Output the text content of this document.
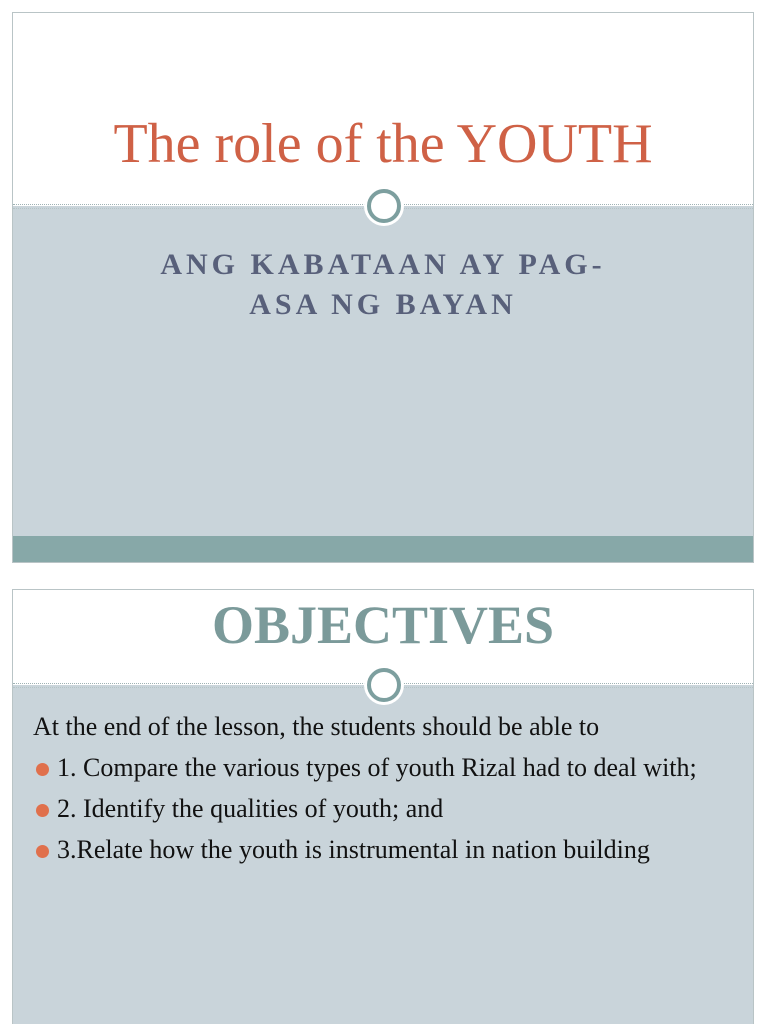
The role of the YOUTH
ANG KABATAAN AY PAG-
ASA NG BAYAN
OBJECTIVES
At the end of the lesson, the students should be able to
1. Compare the various types of youth Rizal had to deal with;
2. Identify the qualities of youth; and
3.Relate how the youth is instrumental in nation building
